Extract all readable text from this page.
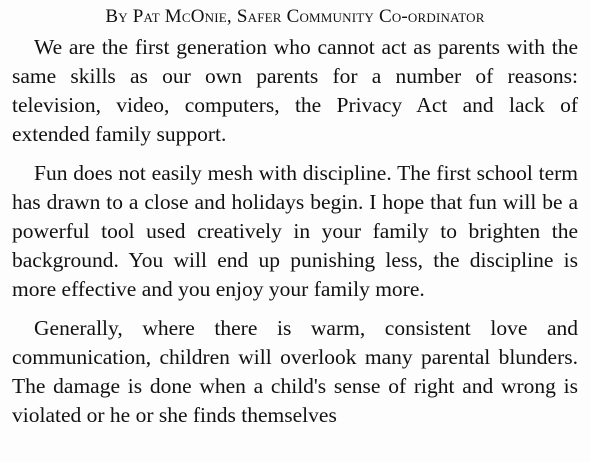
By Pat McOnie, Safer Community Co-ordinator

We are the first generation who cannot act as parents with the same skills as our own parents for a number of reasons: television, video, computers, the Privacy Act and lack of extended family support.

Fun does not easily mesh with discipline. The first school term has drawn to a close and holidays begin. I hope that fun will be a powerful tool used creatively in your family to brighten the background. You will end up punishing less, the discipline is more effective and you enjoy your family more.

Generally, where there is warm, consistent love and communication, children will overlook many parental blunders. The damage is done when a child's sense of right and wrong is violated or he or she finds themselves
